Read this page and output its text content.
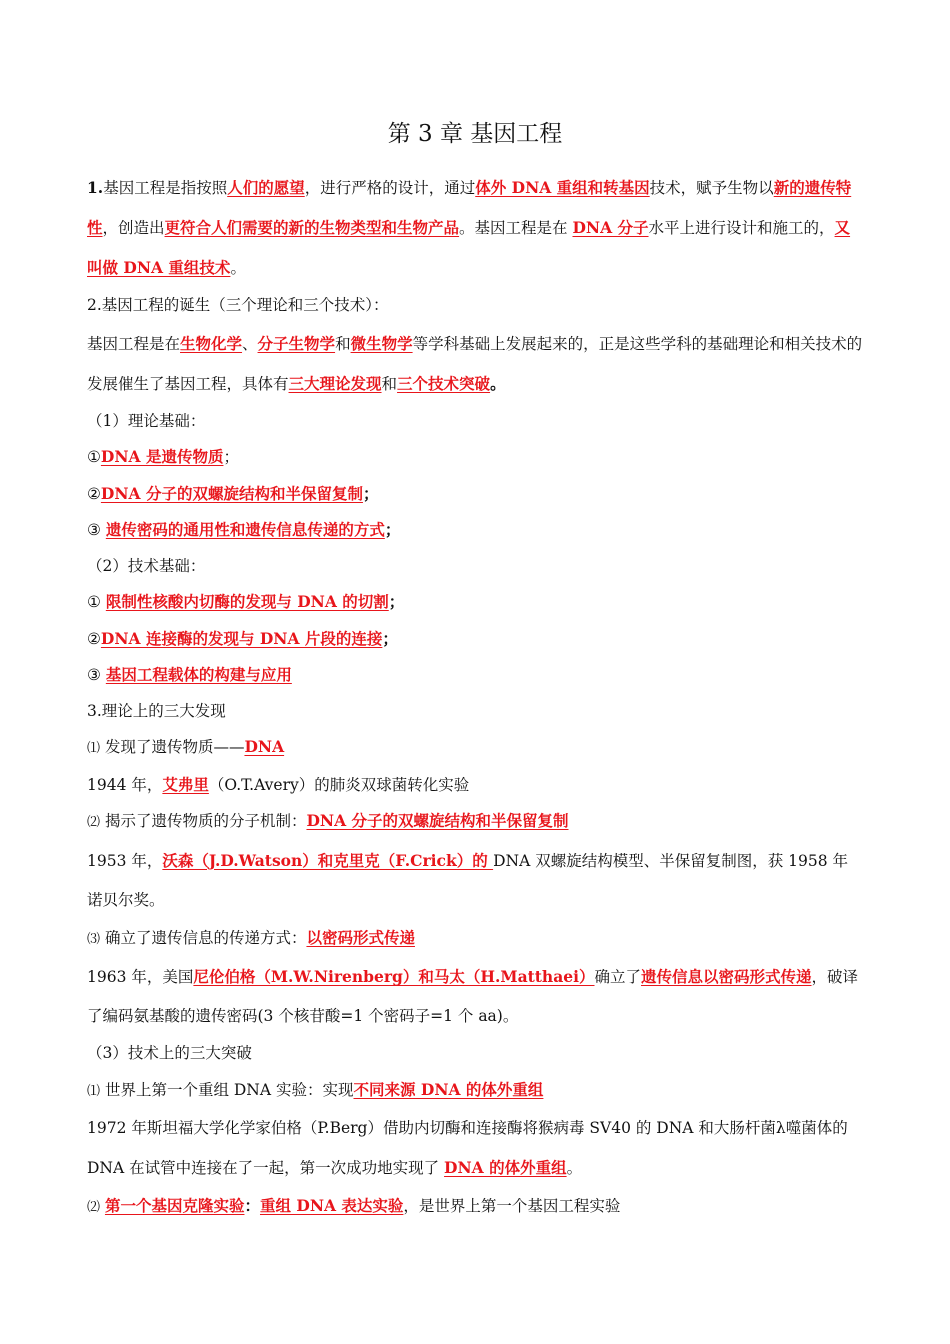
第 3 章 基因工程

1.基因工程是指按照人们的愿望，进行严格的设计，通过体外 DNA 重组和转基因技术，赋予生物以新的遗传特性，创造出更符合人们需要的新的生物类型和生物产品。基因工程是在 DNA 分子水平上进行设计和施工的，又叫做 DNA 重组技术。

2.基因工程的诞生（三个理论和三个技术）：

基因工程是在生物化学、分子生物学和微生物学等学科基础上发展起来的，正是这些学科的基础理论和相关技术的发展催生了基因工程，具体有三大理论发现和三个技术突破。

（1）理论基础：

①DNA 是遗传物质；

②DNA 分子的双螺旋结构和半保留复制；

③ 遗传密码的通用性和遗传信息传递的方式；

（2）技术基础：

① 限制性核酸内切酶的发现与 DNA 的切割；

②DNA 连接酶的发现与 DNA 片段的连接；

③ 基因工程载体的构建与应用

3.理论上的三大发现

⑴ 发现了遗传物质——DNA

1944 年，艾弗里（O.T.Avery）的肺炎双球菌转化实验

⑵ 揭示了遗传物质的分子机制：DNA 分子的双螺旋结构和半保留复制

1953 年，沃森（J.D.Watson）和克里克（F.Crick）的 DNA 双螺旋结构模型、半保留复制图，获 1958 年诺贝尔奖。

⑶ 确立了遗传信息的传递方式：以密码形式传递

1963 年，美国尼伦伯格（M.W.Nirenberg）和马太（H.Matthaei）确立了遗传信息以密码形式传递，破译了编码氨基酸的遗传密码(3 个核苷酸=1 个密码子=1 个 aa)。

（3）技术上的三大突破

⑴ 世界上第一个重组 DNA 实验：实现不同来源 DNA 的体外重组

1972 年斯坦福大学化学家伯格（P.Berg）借助内切酶和连接酶将猴病毒 SV40 的 DNA 和大肠杆菌λ噬菌体的 DNA 在试管中连接在了一起，第一次成功地实现了 DNA 的体外重组。

⑵ 第一个基因克隆实验：重组 DNA 表达实验，是世界上第一个基因工程实验
